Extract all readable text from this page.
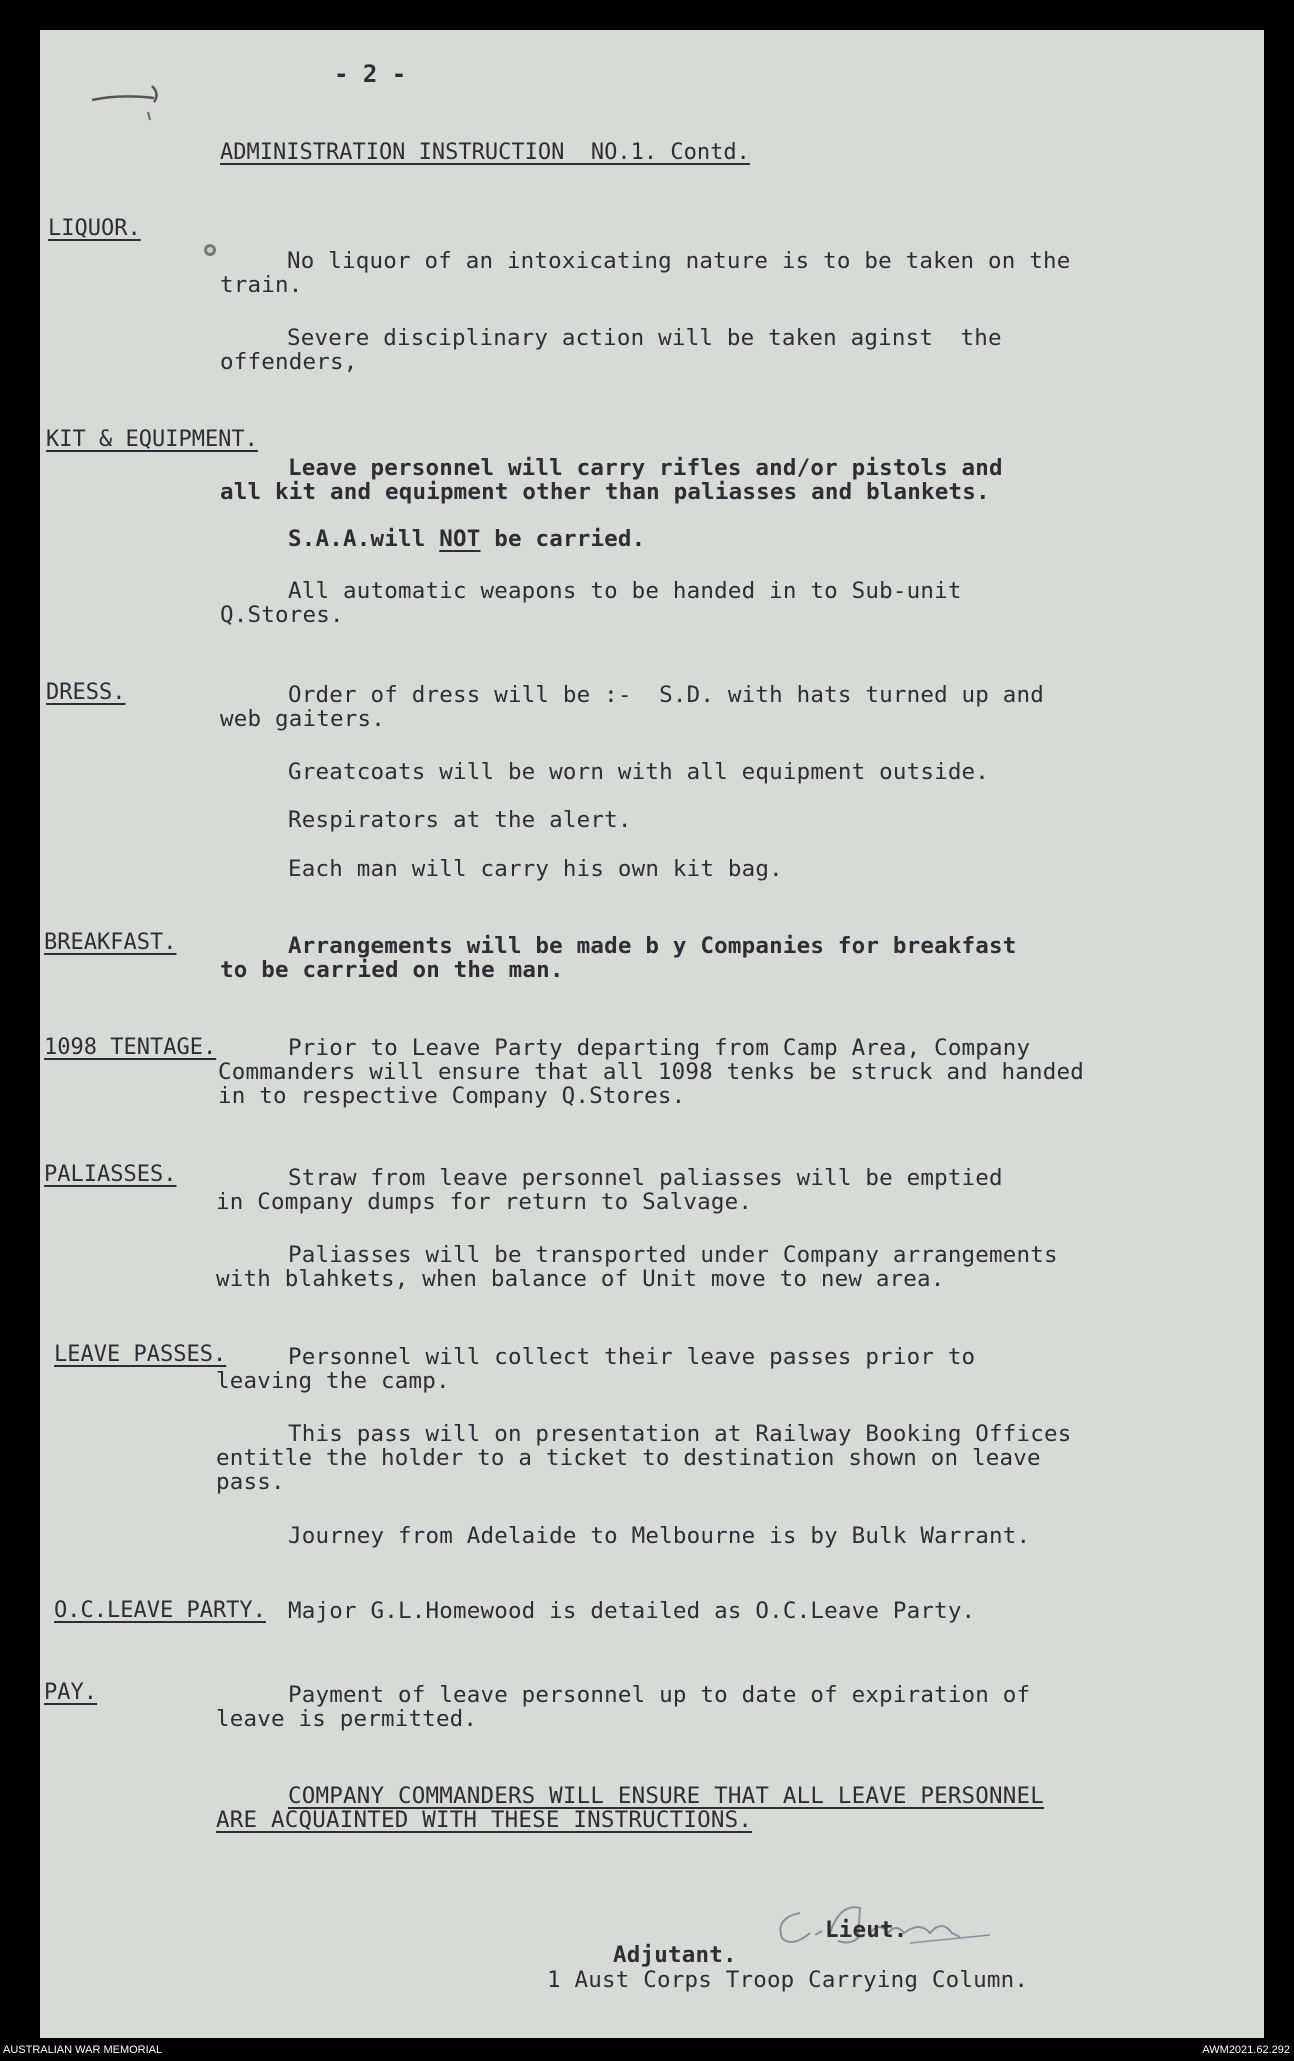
- 2 -
ADMINISTRATION INSTRUCTION  NO.1. Contd.
LIQUOR.
No liquor of an intoxicating nature is to be taken on the
train.
Severe disciplinary action will be taken aginst  the
offenders,
KIT & EQUIPMENT.
Leave personnel will carry rifles and/or pistols and
all kit and equipment other than paliasses and blankets.
S.A.A.will NOT be carried.
All automatic weapons to be handed in to Sub-unit
Q.Stores.
DRESS.	Order of dress will be :-  S.D. with hats turned up and
web gaiters.
Greatcoats will be worn with all equipment outside.
Respirators at the alert.
Each man will carry his own kit bag.
BREAKFAST.	Arrangements will be made b y Companies for breakfast
to be carried on the man.
1098 TENTAGE.	Prior to Leave Party departing from Camp Area, Company
Commanders will ensure that all 1098 tenks be struck and handed
in to respective Company Q.Stores.
PALIASSES.	Straw from leave personnel paliasses will be emptied
in Company dumps for return to Salvage.
Paliasses will be transported under Company arrangements
with blahkets, when balance of Unit move to new area.
LEAVE PASSES.	Personnel will collect their leave passes prior to
leaving the camp.
This pass will on presentation at Railway Booking Offices
entitle the holder to a ticket to destination shown on leave
pass.
Journey from Adelaide to Melbourne is by Bulk Warrant.
O.C.LEAVE PARTY. Major G.L.Homewood is detailed as O.C.Leave Party.
PAY.	Payment of leave personnel up to date of expiration of
leave is permitted.
COMPANY COMMANDERS WILL ENSURE THAT ALL LEAVE PERSONNEL
ARE ACQUAINTED WITH THESE INSTRUCTIONS.
Lieut.
Adjutant.
1 Aust Corps Troop Carrying Column.
AUSTRALIAN WAR MEMORIAL	AWM2021.62.292
